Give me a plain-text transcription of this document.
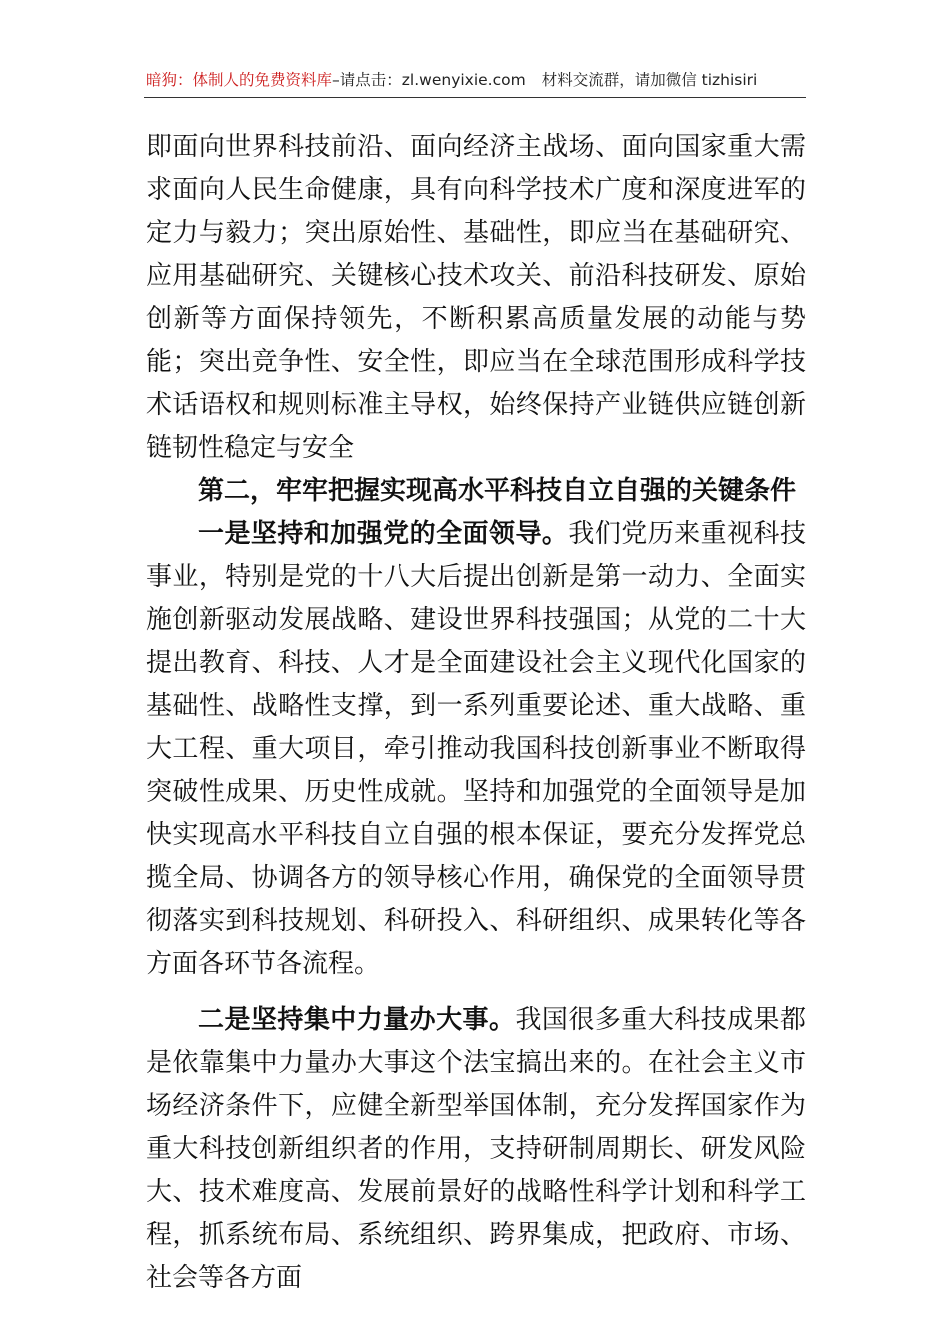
暗狗：体制人的免费资料库–请点击：zl.wenyixie.com 材料交流群，请加微信 tizhisiri

即面向世界科技前沿、面向经济主战场、面向国家重大需求面向人民生命健康，具有向科学技术广度和深度进军的定力与毅力；突出原始性、基础性，即应当在基础研究、应用基础研究、关键核心技术攻关、前沿科技研发、原始创新等方面保持领先，不断积累高质量发展的动能与势能；突出竞争性、安全性，即应当在全球范围形成科学技术话语权和规则标准主导权，始终保持产业链供应链创新链韧性稳定与安全

第二，牢牢把握实现高水平科技自立自强的关键条件

一是坚持和加强党的全面领导。我们党历来重视科技事业，特别是党的十八大后提出创新是第一动力、全面实施创新驱动发展战略、建设世界科技强国；从党的二十大提出教育、科技、人才是全面建设社会主义现代化国家的基础性、战略性支撑，到一系列重要论述、重大战略、重大工程、重大项目，牵引推动我国科技创新事业不断取得突破性成果、历史性成就。坚持和加强党的全面领导是加快实现高水平科技自立自强的根本保证，要充分发挥党总揽全局、协调各方的领导核心作用，确保党的全面领导贯彻落实到科技规划、科研投入、科研组织、成果转化等各方面各环节各流程。

二是坚持集中力量办大事。我国很多重大科技成果都是依靠集中力量办大事这个法宝搞出来的。在社会主义市场经济条件下，应健全新型举国体制，充分发挥国家作为重大科技创新组织者的作用，支持研制周期长、研发风险大、技术难度高、发展前景好的战略性科学计划和科学工程，抓系统布局、系统组织、跨界集成，把政府、市场、社会等各方面
